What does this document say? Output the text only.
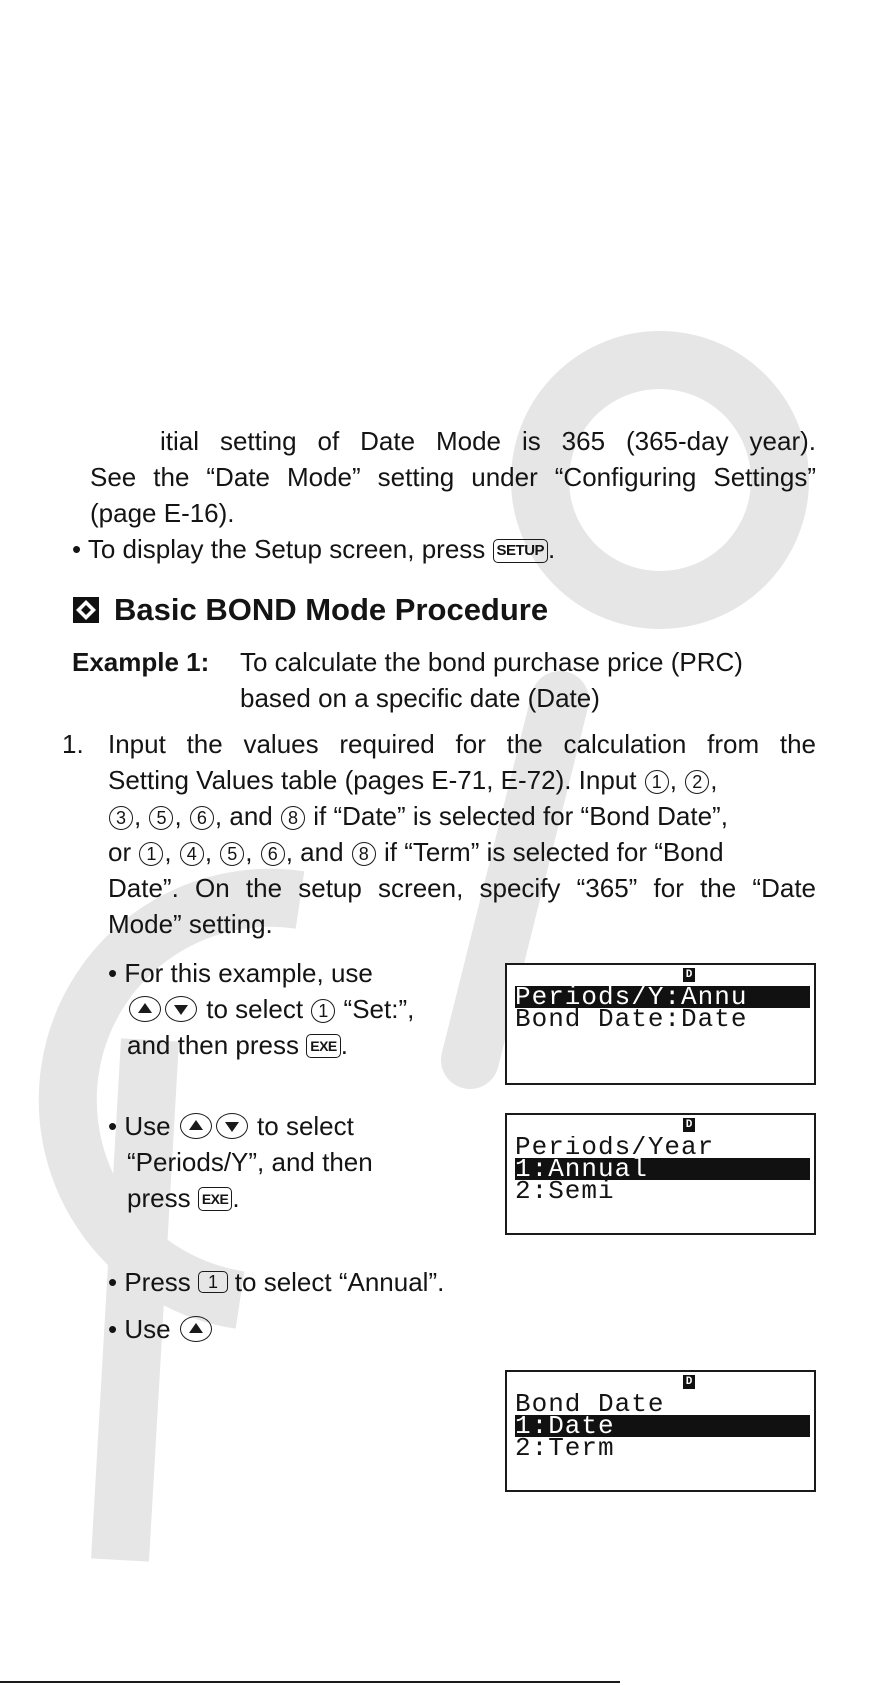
itial setting of Date Mode is 365 (365-day year).
See the “Date Mode” setting under “Configuring Settings”
(page E-16).
• To display the Setup screen, press SETUP .
Basic BOND Mode Procedure
Example 1: To calculate the bond purchase price (PRC)
based on a specific date (Date)
1. Input the values required for the calculation from the
Setting Values table (pages E-71, E-72). Input 1 , 2 ,
3 , 5 , 6 , and 8 if “Date” is selected for “Bond Date”,
or 1 , 4 , 5 , 6 , and 8 if “Term” is selected for “Bond
Date”. On the setup screen, specify “365” for the “Date
Mode” setting.
• For this example, use
to select 1 “Set:”,
and then press EXE .
D
Periods/Y:Annu
Bond Date:Date
• Use	to select
“Periods/Y”, and then
press EXE .
D
Periods/Year
1:Annual
2:Semi
• Press 1 to select “Annual”.
• Use
D
Bond Date
1:Date
2:Term
